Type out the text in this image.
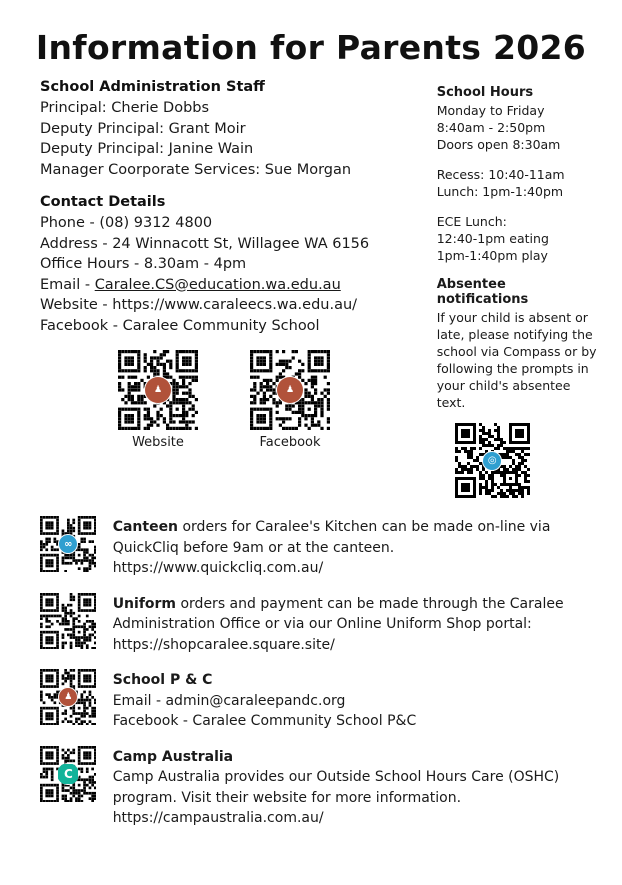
Information for Parents 2026
School Administration Staff

Principal: Cherie Dobbs

Deputy Principal: Grant Moir

Deputy Principal: Janine Wain

Manager Coorporate Services: Sue Morgan

Contact Details

Phone - (08) 9312 4800

Address - 24 Winnacott St, Willagee WA 6156

Office Hours - 8.30am - 4pm

Email - Caralee.CS@education.wa.edu.au

Website - https://www.caraleecs.wa.edu.au/

Facebook - Caralee Community School

♟
Website
♟
Facebook

School Hours

Monday to Friday

8:40am - 2:50pm

Doors open 8:30am

Recess: 10:40-11am

Lunch: 1pm-1:40pm

ECE Lunch:

12:40-1pm eating

1pm-1:40pm play

Absentee notifications

If your child is absent or late, please notifying the school via Compass or by following the prompts in your child's absentee text.

◎
∞

Canteen orders for Caralee's Kitchen can be made on-line via

QuickCliq before 9am or at the canteen.

https://www.quickcliq.com.au/

Uniform orders and payment can be made through the Caralee

Administration Office or via our Online Uniform Shop portal:

https://shopcaralee.square.site/

♟

School P & C

Email - admin@caraleepandc.org

Facebook - Caralee Community School P&C

C

Camp Australia

Camp Australia provides our Outside School Hours Care (OSHC)

program. Visit their website for more information.

https://campaustralia.com.au/
